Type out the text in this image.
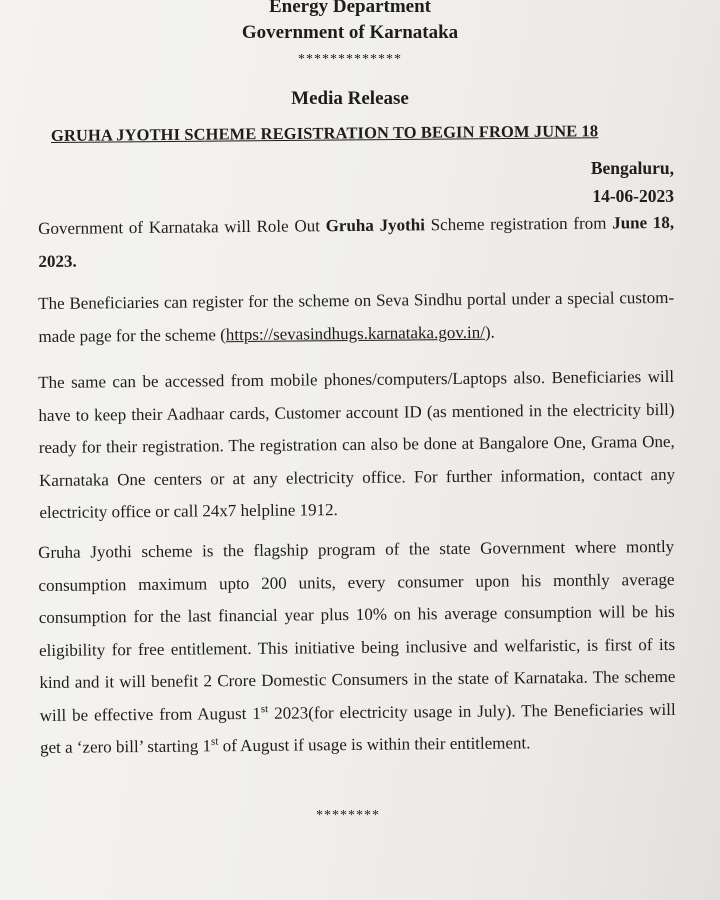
Energy Department
Government of Karnataka
*************
Media Release
GRUHA JYOTHI SCHEME REGISTRATION TO BEGIN FROM JUNE 18
Bengaluru,
14-06-2023
Government of Karnataka will Role Out Gruha Jyothi Scheme registration from June 18, 2023.
The Beneficiaries can register for the scheme on Seva Sindhu portal under a special custom-made page for the scheme (https://sevasindhugs.karnataka.gov.in/).
The same can be accessed from mobile phones/computers/Laptops also. Beneficiaries will have to keep their Aadhaar cards, Customer account ID (as mentioned in the electricity bill) ready for their registration. The registration can also be done at Bangalore One, Grama One, Karnataka One centers or at any electricity office. For further information, contact any electricity office or call 24x7 helpline 1912.
Gruha Jyothi scheme is the flagship program of the state Government where montly consumption maximum upto 200 units, every consumer upon his monthly average consumption for the last financial year plus 10% on his average consumption will be his eligibility for free entitlement. This initiative being inclusive and welfaristic, is first of its kind and it will benefit 2 Crore Domestic Consumers in the state of Karnataka. The scheme will be effective from August 1st 2023(for electricity usage in July). The Beneficiaries will get a ‘zero bill’ starting 1st of August if usage is within their entitlement.
********
